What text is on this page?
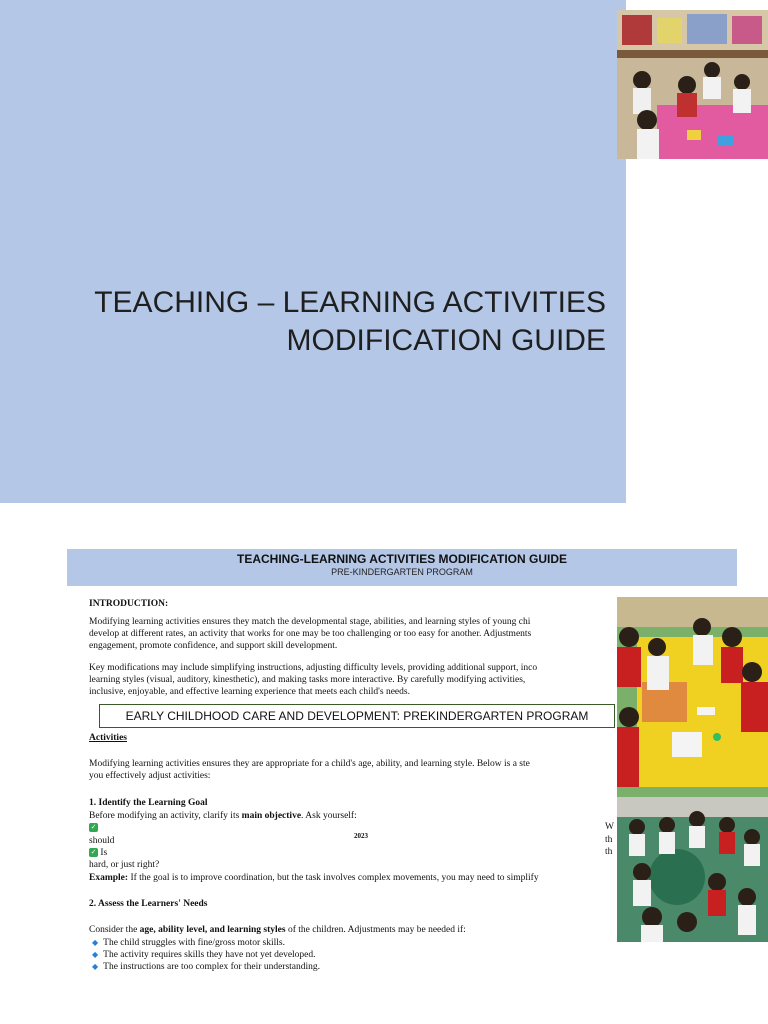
TEACHING – LEARNING ACTIVITIES
MODIFICATION GUIDE
TEACHING-LEARNING ACTIVITIES MODIFICATION GUIDE
PRE-KINDERGARTEN PROGRAM
INTRODUCTION:
Modifying learning activities ensures they match the developmental stage, abilities, and learning styles of young chi
develop at different rates, an activity that works for one may be too challenging or too easy for another. Adjustments
engagement, promote confidence, and support skill development.
Key modifications may include simplifying instructions, adjusting difficulty levels, providing additional support, inco
learning styles (visual, auditory, kinesthetic), and making tasks more interactive. By carefully modifying activities,
inclusive, enjoyable, and effective learning experience that meets each child's needs.
EARLY CHILDHOOD CARE AND DEVELOPMENT: PREKINDERGARTEN PROGRAM
Activities
Modifying learning activities ensures they are appropriate for a child's age, ability, and learning style. Below is a ste
you effectively adjust activities:
1. Identify the Learning Goal
Before modifying an activity, clarify its main objective. Ask yourself:
✓
should
✓ Is
hard, or just right?
2023
W
th
th
Example: If the goal is to improve coordination, but the task involves complex movements, you may need to simplify
2. Assess the Learners' Needs
Consider the age, ability level, and learning styles of the children. Adjustments may be needed if:
◆ The child struggles with fine/gross motor skills.
◆ The activity requires skills they have not yet developed.
◆ The instructions are too complex for their understanding.
